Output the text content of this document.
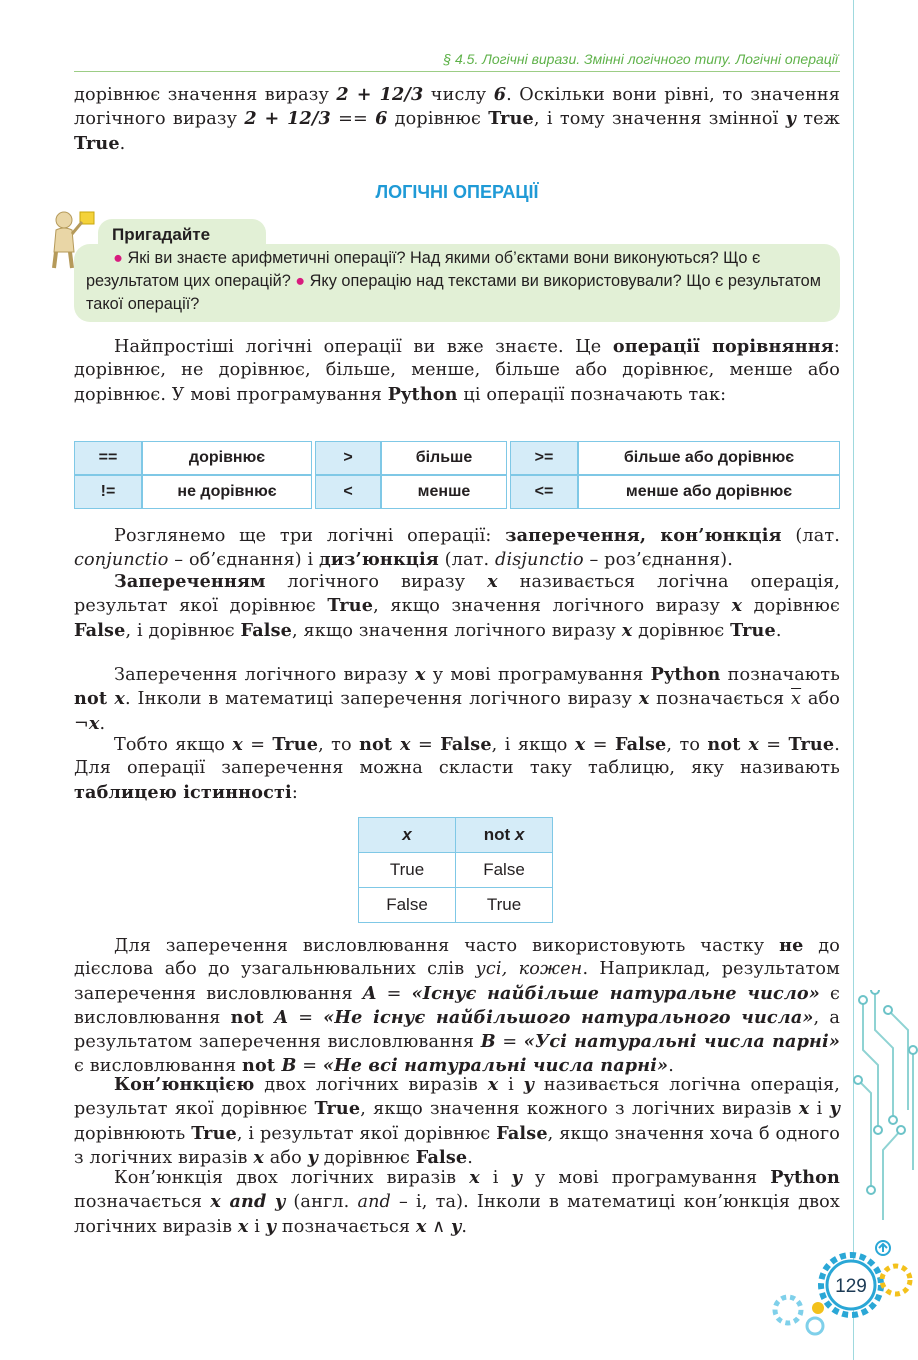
§ 4.5. Логічні вирази. Змінні логічного типу. Логічні операції

дорівнює значення виразу 2 + 12/3 числу 6. Оскільки вони рівні, то значення логічного виразу 2 + 12/3 == 6 дорівнює True, і тому значення змінної y теж True.

ЛОГІЧНІ ОПЕРАЦІЇ
Пригадайте
● Які ви знаєте арифметичні операції? Над якими об’єктами вони виконуються? Що є результатом цих операцій? ● Яку операцію над текстами ви використовували? Що є результатом такої операції?

Найпростіші логічні операції ви вже знаєте. Це операції порівняння: дорівнює, не дорівнює, більше, менше, більше або дорівнює, менше або дорівнює. У мові програмування Python ці операції позначають так:

==	дорівнює		>	більше		>=	більше або дорівнює
!=	не дорівнює		<	менше		<=	менше або дорівнює

Розглянемо ще три логічні операції: заперечення, кон’юнкція (лат. conjunctio – об’єднання) і диз’юнкція (лат. disjunctio – роз’єднання).

Запереченням логічного виразу x називається логічна операція, результат якої дорівнює True, якщо значення логічного виразу x дорівнює False, і дорівнює False, якщо значення логічного виразу x дорівнює True.

Заперечення логічного виразу x у мові програмування Python позначають not x. Інколи в математиці заперечення логічного виразу x позначається $\overline{x}$ або ¬x.

Тобто якщо x = True, то not x = False, і якщо x = False, то not x = True. Для операції заперечення можна скласти таку таблицю, яку називають таблицею істинності:

x	not x
True	False
False	True

Для заперечення висловлювання часто використовують частку не до дієслова або до узагальнювальних слів усі, кожен. Наприклад, результатом заперечення висловлювання A = «Існує найбільше натуральне число» є висловлювання not A = «Не існує найбільшого натурального числа», а результатом заперечення висловлювання B = «Усі натуральні числа парні» є висловлювання not B = «Не всі натуральні числа парні».

Кон’юнкцією двох логічних виразів x і y називається логічна операція, результат якої дорівнює True, якщо значення кожного з логічних виразів x і y дорівнюють True, і результат якої дорівнює False, якщо значення хоча б одного з логічних виразів x або y дорівнює False.

Кон’юнкція двох логічних виразів x і y у мові програмування Python позначається x and y (англ. and – і, та). Інколи в математиці кон’юнкція двох логічних виразів x і y позначається x ∧ y.

129
